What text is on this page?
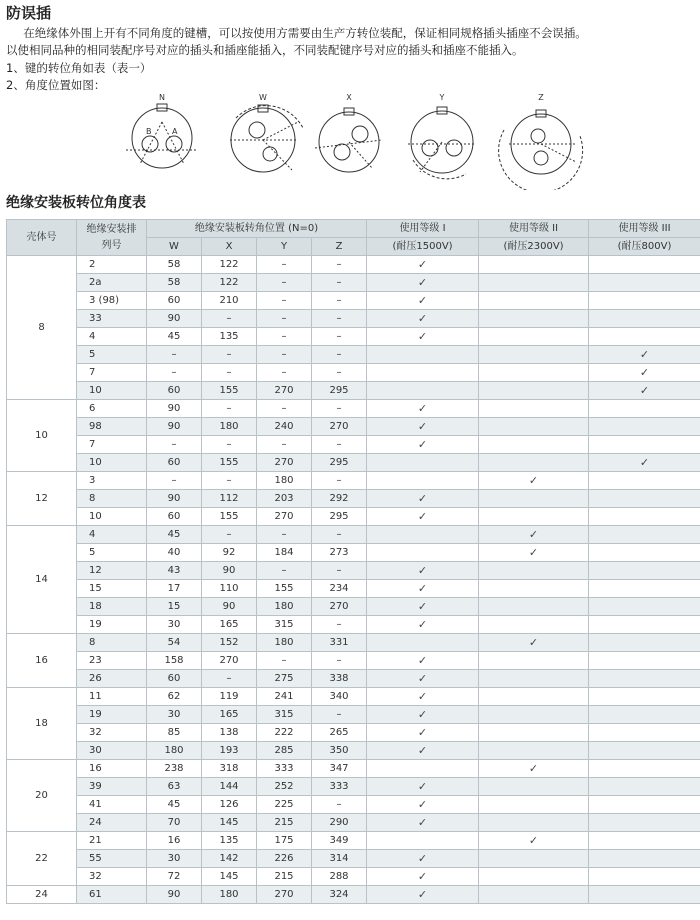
防误插

在绝缘体外围上开有不同角度的键槽，可以按使用方需要由生产方转位装配，保证相同规格插头插座不会误插。

以使相同品种的相同装配序号对应的插头和插座能插入，不同装配键序号对应的插头和插座不能插入。

1、键的转位角如表（表一）
2、角度位置如图：
N	W	X	Y	Z
B	A
绝缘安装板转位角度表
壳体号	绝缘安装排
列号	绝缘安装板转角位置 (N=0)				使用等级 I	使用等级 II	使用等级 III
		W	X	Y	Z	(耐压1500V)	(耐压2300V)	(耐压800V)
8	2	58	122	–	–	✓		
	2a	58	122	–	–	✓		
	3 (98)	60	210	–	–	✓		
	33	90	–	–	–	✓		
	4	45	135	–	–	✓		
	5	–	–	–	–			✓
	7	–	–	–	–			✓
	10	60	155	270	295			✓
10	6	90	–	–	–	✓		
	98	90	180	240	270	✓		
	7	–	–	–	–	✓		
	10	60	155	270	295			✓
12	3	–	–	180	–		✓	
	8	90	112	203	292	✓		
	10	60	155	270	295	✓		
14	4	45	–	–	–		✓	
	5	40	92	184	273		✓	
	12	43	90	–	–	✓		
	15	17	110	155	234	✓		
	18	15	90	180	270	✓		
	19	30	165	315	–	✓		
16	8	54	152	180	331		✓	
	23	158	270	–	–	✓		
	26	60	–	275	338	✓		
18	11	62	119	241	340	✓		
	19	30	165	315	–	✓		
	32	85	138	222	265	✓		
	30	180	193	285	350	✓		
20	16	238	318	333	347		✓	
	39	63	144	252	333	✓		
	41	45	126	225	–	✓		
	24	70	145	215	290	✓		
22	21	16	135	175	349		✓	
	55	30	142	226	314	✓		
	32	72	145	215	288	✓		
24	61	90	180	270	324	✓		
